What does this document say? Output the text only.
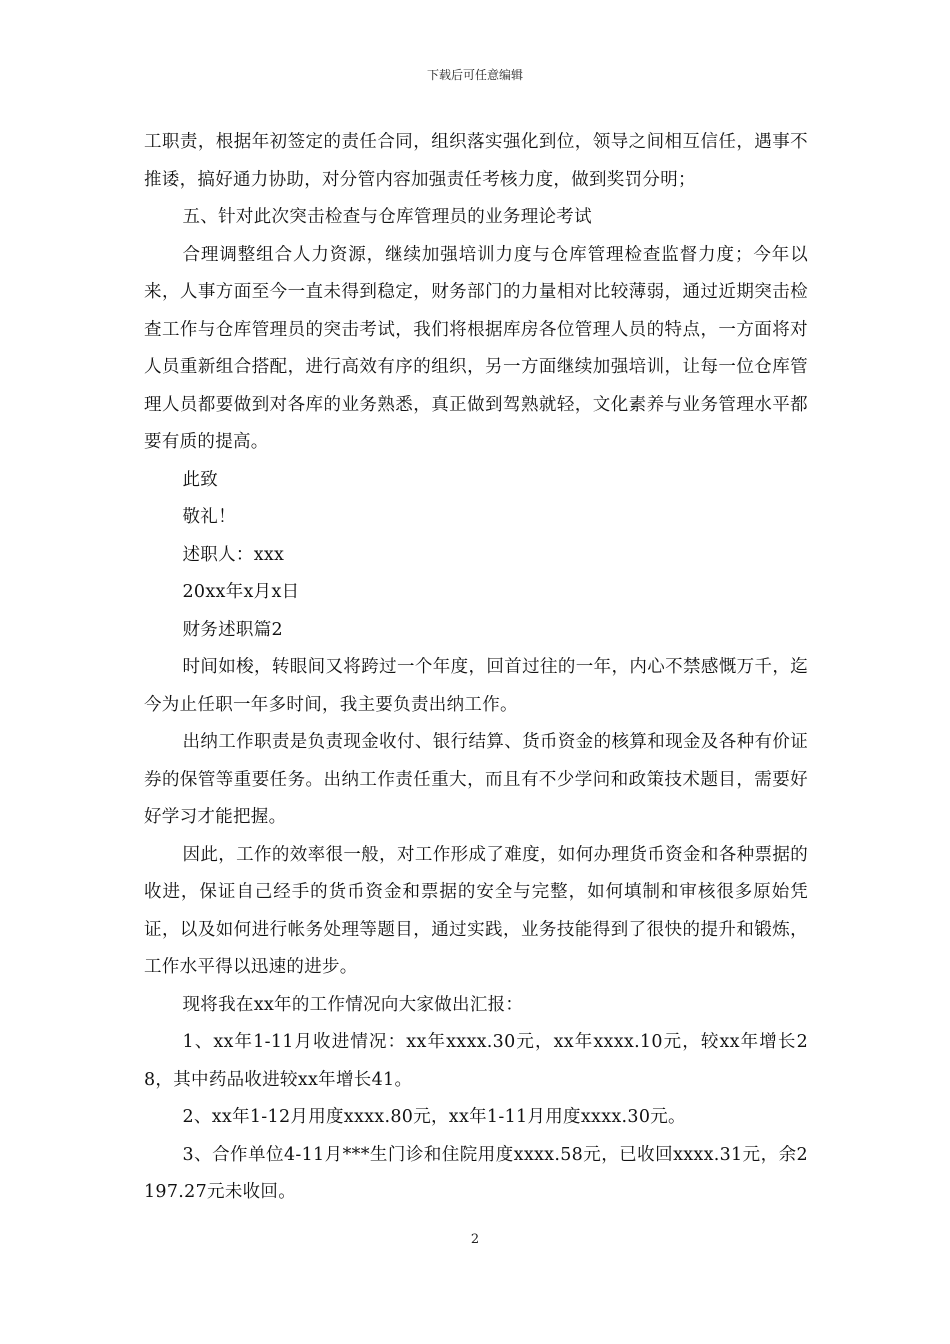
下载后可任意编辑

工职责，根据年初签定的责任合同，组织落实强化到位，领导之间相互信任，遇事不推诿，搞好通力协助，对分管内容加强责任考核力度，做到奖罚分明；

五、针对此次突击检查与仓库管理员的业务理论考试

合理调整组合人力资源，继续加强培训力度与仓库管理检查监督力度；今年以来，人事方面至今一直未得到稳定，财务部门的力量相对比较薄弱，通过近期突击检查工作与仓库管理员的突击考试，我们将根据库房各位管理人员的特点，一方面将对人员重新组合搭配，进行高效有序的组织，另一方面继续加强培训，让每一位仓库管理人员都要做到对各库的业务熟悉，真正做到驾熟就轻，文化素养与业务管理水平都要有质的提高。

此致

敬礼！

述职人：xxx

20xx年x月x日

财务述职篇2

时间如梭，转眼间又将跨过一个年度，回首过往的一年，内心不禁感慨万千，迄今为止任职一年多时间，我主要负责出纳工作。

出纳工作职责是负责现金收付、银行结算、货币资金的核算和现金及各种有价证券的保管等重要任务。出纳工作责任重大，而且有不少学问和政策技术题目，需要好好学习才能把握。

因此，工作的效率很一般，对工作形成了难度，如何办理货币资金和各种票据的收进，保证自己经手的货币资金和票据的安全与完整，如何填制和审核很多原始凭证，以及如何进行帐务处理等题目，通过实践，业务技能得到了很快的提升和锻炼，工作水平得以迅速的进步。

现将我在xx年的工作情况向大家做出汇报：

1、xx年1-11月收进情况：xx年xxxx.30元，xx年xxxx.10元，较xx年增长28，其中药品收进较xx年增长41。

2、xx年1-12月用度xxxx.80元，xx年1-11月用度xxxx.30元。

3、合作单位4-11月***生门诊和住院用度xxxx.58元，已收回xxxx.31元，余2197.27元未收回。

2
